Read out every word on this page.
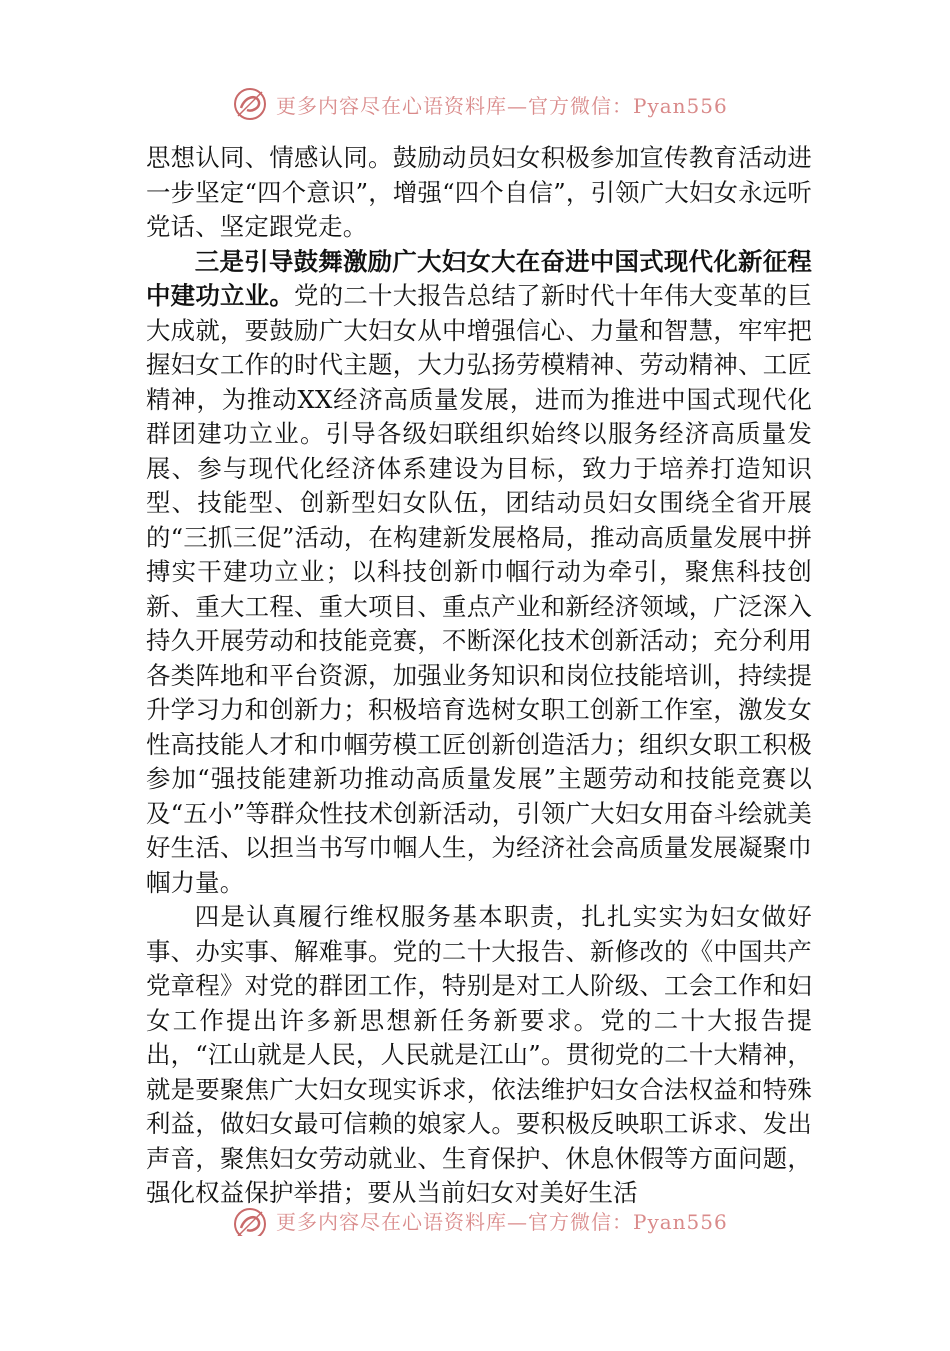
更多内容尽在心语资料库—官方微信：Pyan556

思想认同、情感认同。鼓励动员妇女积极参加宣传教育活动进一步坚定“四个意识”，增强“四个自信”，引领广大妇女永远听党话、坚定跟党走。

三是引导鼓舞激励广大妇女大在奋进中国式现代化新征程中建功立业。党的二十大报告总结了新时代十年伟大变革的巨大成就，要鼓励广大妇女从中增强信心、力量和智慧，牢牢把握妇女工作的时代主题，大力弘扬劳模精神、劳动精神、工匠精神，为推动XX经济高质量发展，进而为推进中国式现代化群团建功立业。引导各级妇联组织始终以服务经济高质量发展、参与现代化经济体系建设为目标，致力于培养打造知识型、技能型、创新型妇女队伍，团结动员妇女围绕全省开展的“三抓三促”活动，在构建新发展格局，推动高质量发展中拼搏实干建功立业；以科技创新巾帼行动为牵引，聚焦科技创新、重大工程、重大项目、重点产业和新经济领域，广泛深入持久开展劳动和技能竞赛，不断深化技术创新活动；充分利用各类阵地和平台资源，加强业务知识和岗位技能培训，持续提升学习力和创新力；积极培育选树女职工创新工作室，激发女性高技能人才和巾帼劳模工匠创新创造活力；组织女职工积极参加“强技能建新功推动高质量发展”主题劳动和技能竞赛以及“五小”等群众性技术创新活动，引领广大妇女用奋斗绘就美好生活、以担当书写巾帼人生，为经济社会高质量发展凝聚巾帼力量。

四是认真履行维权服务基本职责，扎扎实实为妇女做好事、办实事、解难事。党的二十大报告、新修改的《中国共产党章程》对党的群团工作，特别是对工人阶级、工会工作和妇女工作提出许多新思想新任务新要求。党的二十大报告提出，“江山就是人民，人民就是江山”。贯彻党的二十大精神，就是要聚焦广大妇女现实诉求，依法维护妇女合法权益和特殊利益，做妇女最可信赖的娘家人。要积极反映职工诉求、发出声音，聚焦妇女劳动就业、生育保护、休息休假等方面问题，强化权益保护举措；要从当前妇女对美好生活

更多内容尽在心语资料库—官方微信：Pyan556
